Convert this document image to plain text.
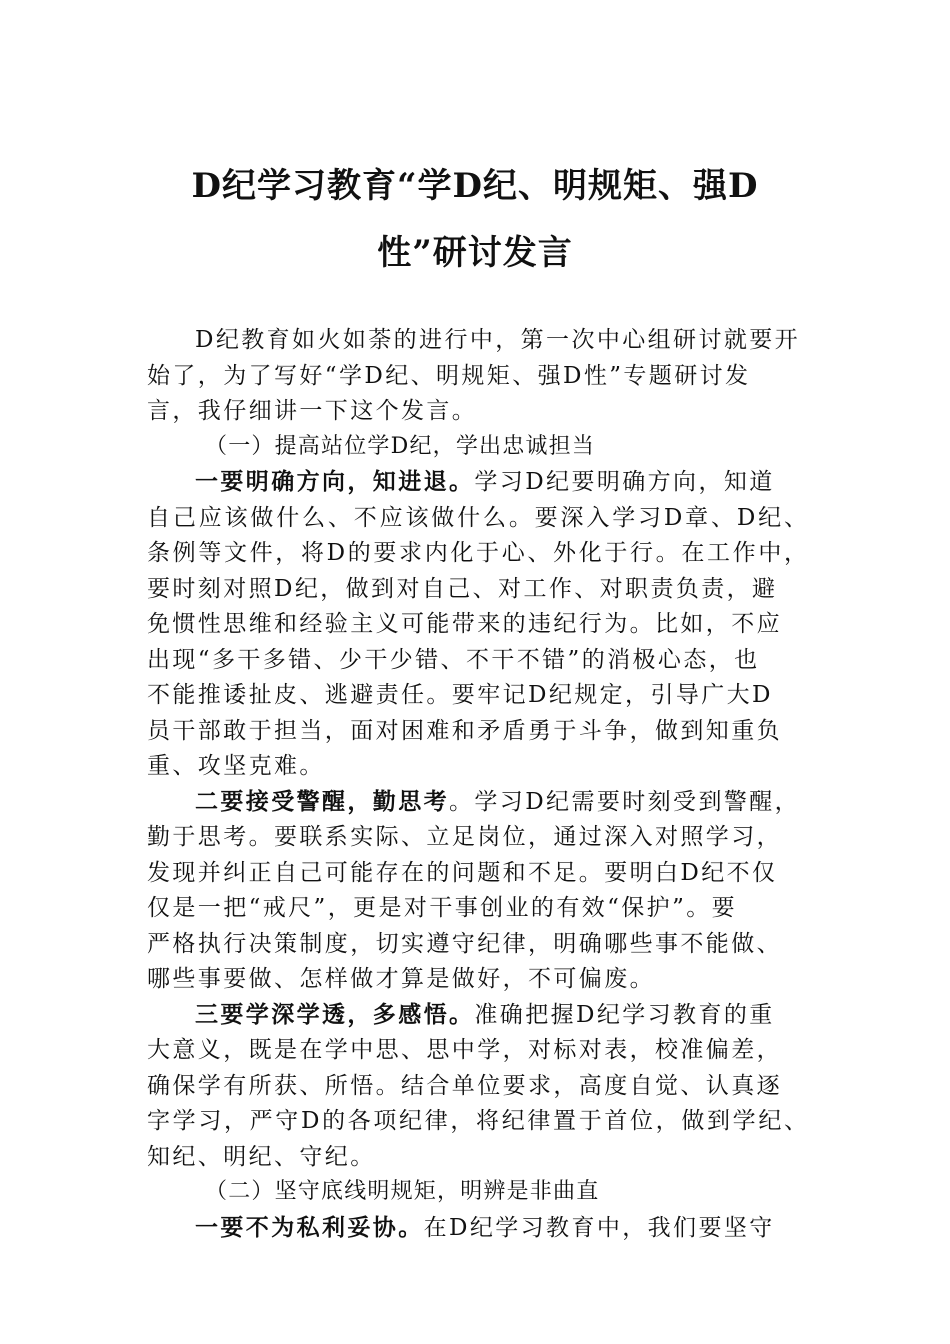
D纪学习教育“学D纪、明规矩、强D
性”研讨发言
D纪教育如火如荼的进行中，第一次中心组研讨就要开
始了，为了写好“学D纪、明规矩、强D性”专题研讨发
言，我仔细讲一下这个发言。
（一）提高站位学D纪，学出忠诚担当
一要明确方向，知进退。学习D纪要明确方向，知道
自己应该做什么、不应该做什么。要深入学习D章、D纪、
条例等文件，将D的要求内化于心、外化于行。在工作中，
要时刻对照D纪，做到对自己、对工作、对职责负责，避
免惯性思维和经验主义可能带来的违纪行为。比如，不应
出现“多干多错、少干少错、不干不错”的消极心态，也
不能推诿扯皮、逃避责任。要牢记D纪规定，引导广大D
员干部敢于担当，面对困难和矛盾勇于斗争，做到知重负
重、攻坚克难。
二要接受警醒，勤思考。学习D纪需要时刻受到警醒，
勤于思考。要联系实际、立足岗位，通过深入对照学习，
发现并纠正自己可能存在的问题和不足。要明白D纪不仅
仅是一把“戒尺”，更是对干事创业的有效“保护”。要
严格执行决策制度，切实遵守纪律，明确哪些事不能做、
哪些事要做、怎样做才算是做好，不可偏废。
三要学深学透，多感悟。准确把握D纪学习教育的重
大意义，既是在学中思、思中学，对标对表，校准偏差，
确保学有所获、所悟。结合单位要求，高度自觉、认真逐
字学习，严守D的各项纪律，将纪律置于首位，做到学纪、
知纪、明纪、守纪。
（二）坚守底线明规矩，明辨是非曲直
一要不为私利妥协。在D纪学习教育中，我们要坚守
